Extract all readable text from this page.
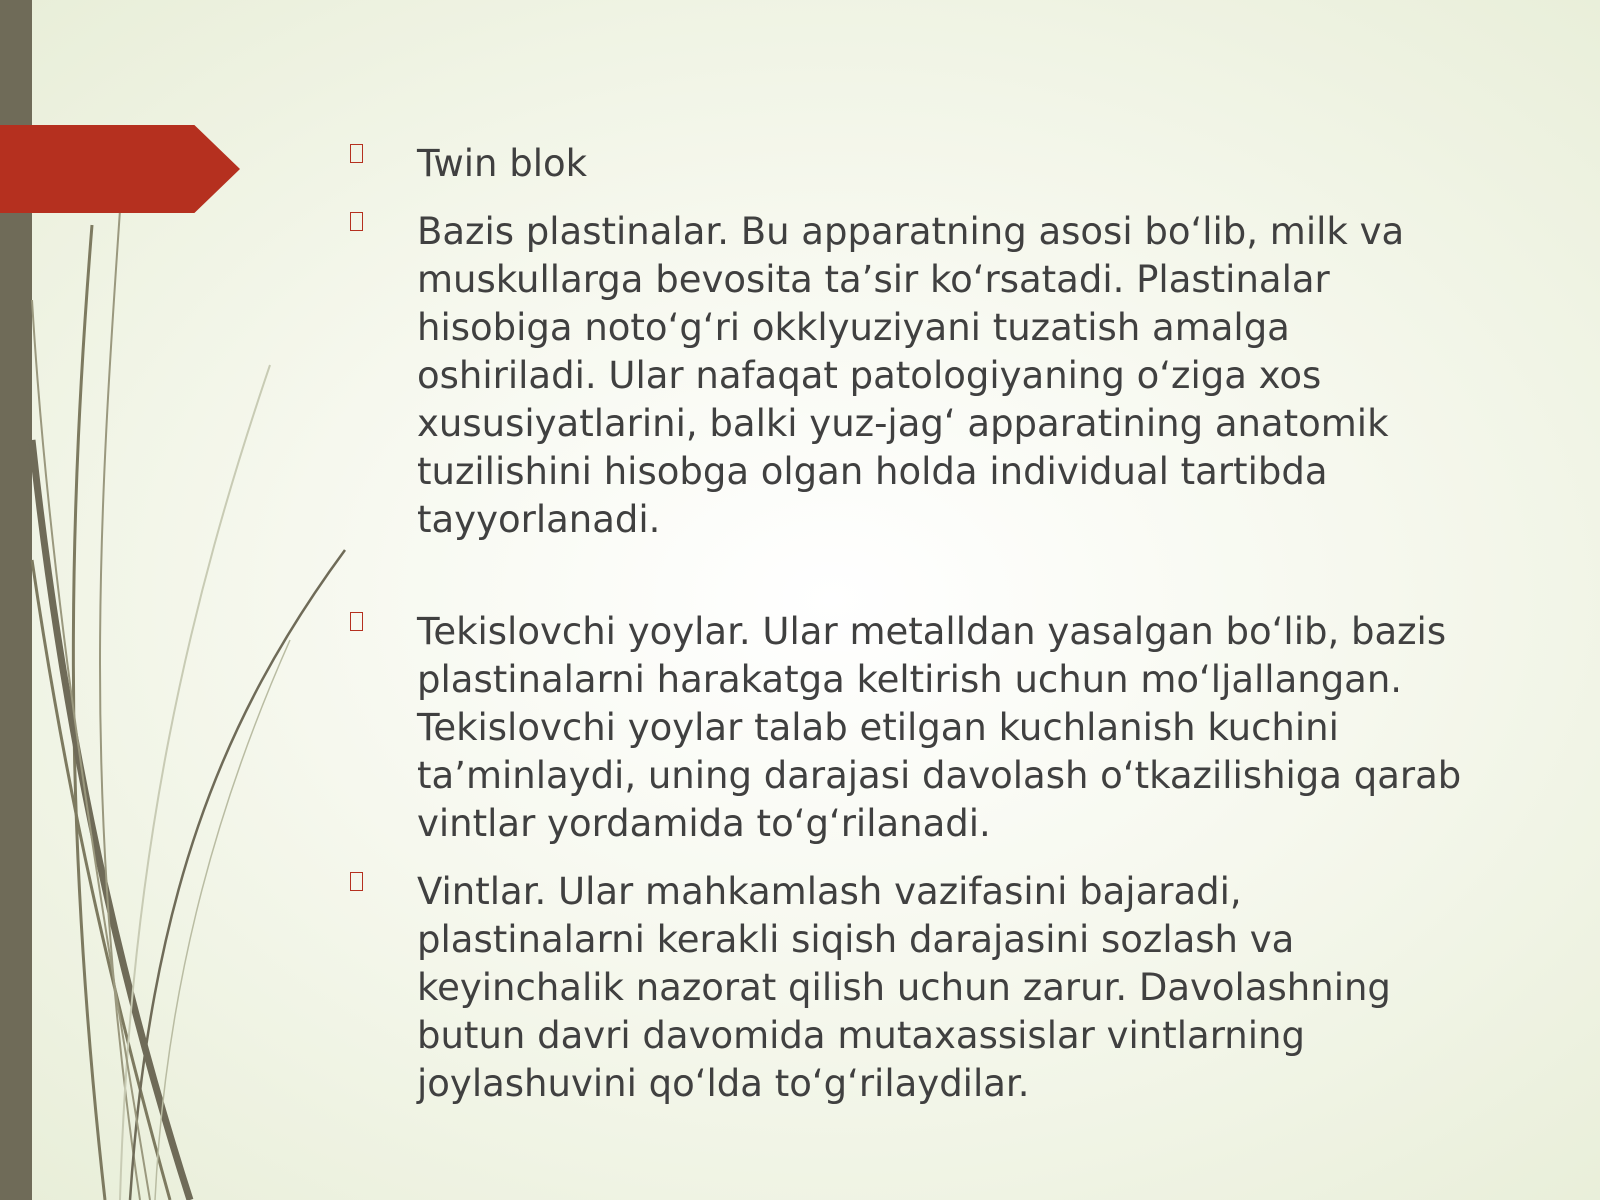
Twin blok
Bazis plastinalar. Bu apparatning asosi bo‘lib, milk va muskullarga bevosita ta’sir ko‘rsatadi. Plastinalar hisobiga noto‘g‘ri okklyuziyani tuzatish amalga oshiriladi. Ular nafaqat patologiyaning o‘ziga xos xususiyatlarini, balki yuz-jag‘ apparatining anatomik tuzilishini hisobga olgan holda individual tartibda tayyorlanadi.
Tekislovchi yoylar. Ular metalldan yasalgan bo‘lib, bazis plastinalarni harakatga keltirish uchun mo‘ljallangan. Tekislovchi yoylar talab etilgan kuchlanish kuchini ta’minlaydi, uning darajasi davolash o‘tkazilishiga qarab vintlar yordamida to‘g‘rilanadi.
Vintlar. Ular mahkamlash vazifasini bajaradi, plastinalarni kerakli siqish darajasini sozlash va keyinchalik nazorat qilish uchun zarur. Davolashning butun davri davomida mutaxassislar vintlarning joylashuvini qo‘lda to‘g‘rilaydilar.
